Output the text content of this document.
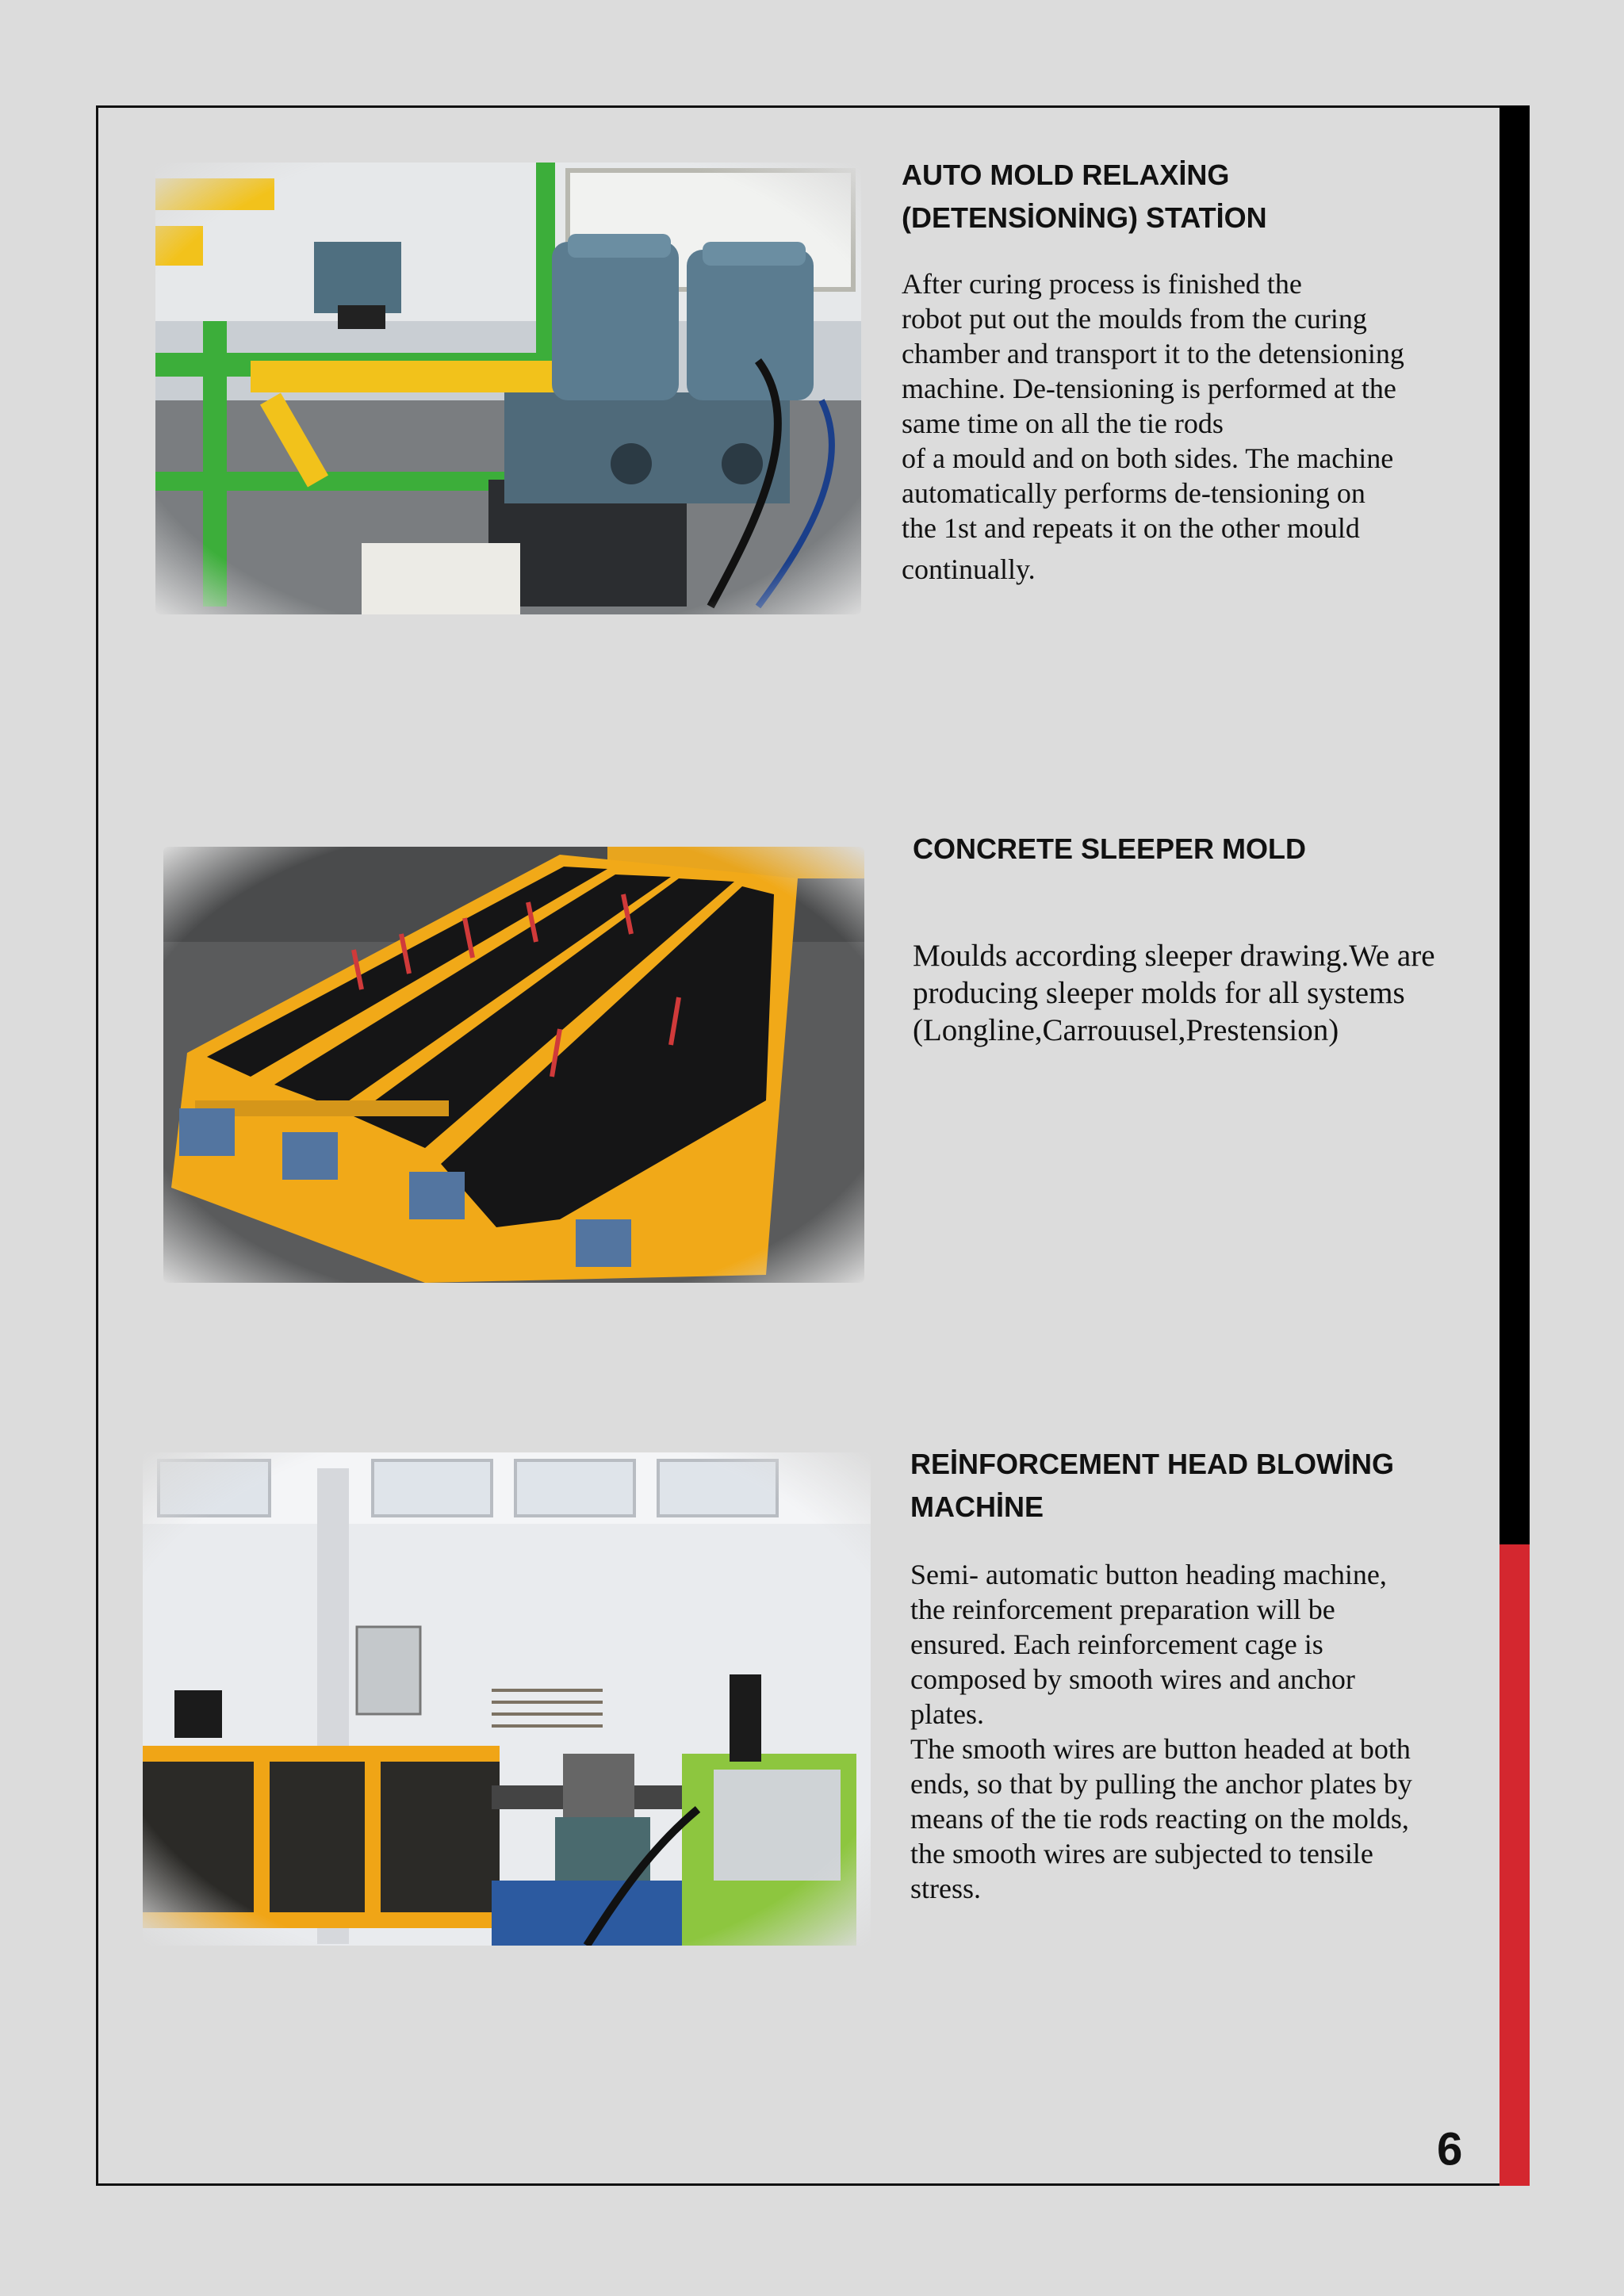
AUTO MOLD RELAXİNG
(DETENSİONİNG) STATİON

After curing process is finished the
robot put out the moulds from the curing
chamber and transport it to the detensioning
machine. De-tensioning is performed at the
same time on all the tie rods
of a mould and on both sides. The machine
automatically performs de-tensioning on
the 1st and repeats it on the other mould
continually.

CONCRETE SLEEPER MOLD

Moulds according sleeper drawing.We are
producing sleeper molds for all systems
(Longline,Carrouusel,Prestension)

REİNFORCEMENT HEAD BLOWİNG
MACHİNE

Semi- automatic button heading machine,
the reinforcement preparation will be
ensured. Each reinforcement cage is
composed by smooth wires and anchor
plates.
The smooth wires are button headed at both
ends, so that by pulling the anchor plates by
means of the tie rods reacting on the molds,
the smooth wires are subjected to tensile
stress.

9
